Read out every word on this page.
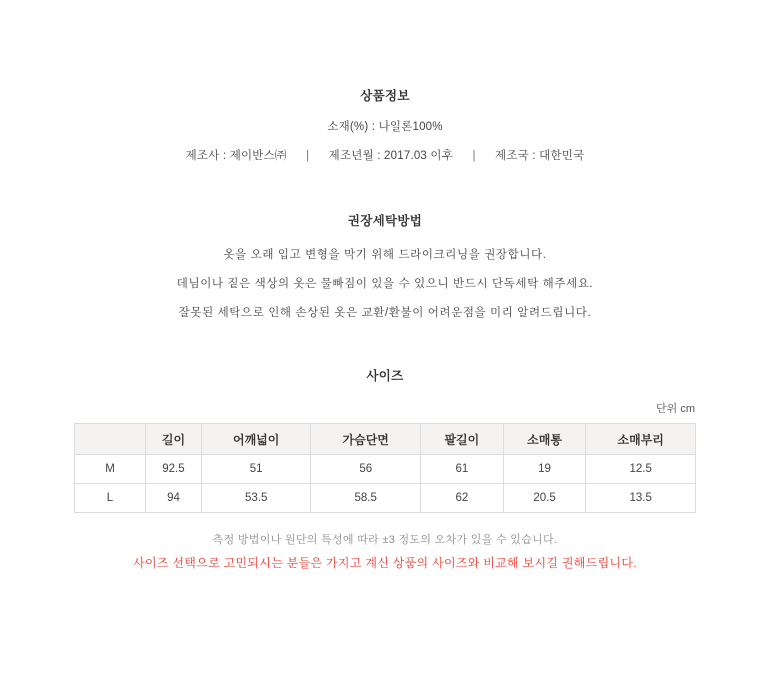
상품정보
소재(%) : 나일론100%
제조사 : 제이반스㈜ | 제조년월 : 2017.03 이후 | 제조국 : 대한민국
권장세탁방법
옷을 오래 입고 변형을 막기 위해 드라이크리닝을 권장합니다.
데님이나 짙은 색상의 옷은 물빠짐이 있을 수 있으니 반드시 단독세탁 해주세요.
잘못된 세탁으로 인해 손상된 옷은 교환/환불이 어려운점을 미리 알려드립니다.
사이즈
단위 cm
	길이	어깨넓이	가슴단면	팔길이	소매통	소매부리
M	92.5	51	56	61	19	12.5
L	94	53.5	58.5	62	20.5	13.5
측정 방법이나 원단의 특성에 따라 ±3 정도의 오차가 있을 수 있습니다.
사이즈 선택으로 고민되시는 분들은 가지고 계신 상품의 사이즈와 비교해 보시길 권해드립니다.
